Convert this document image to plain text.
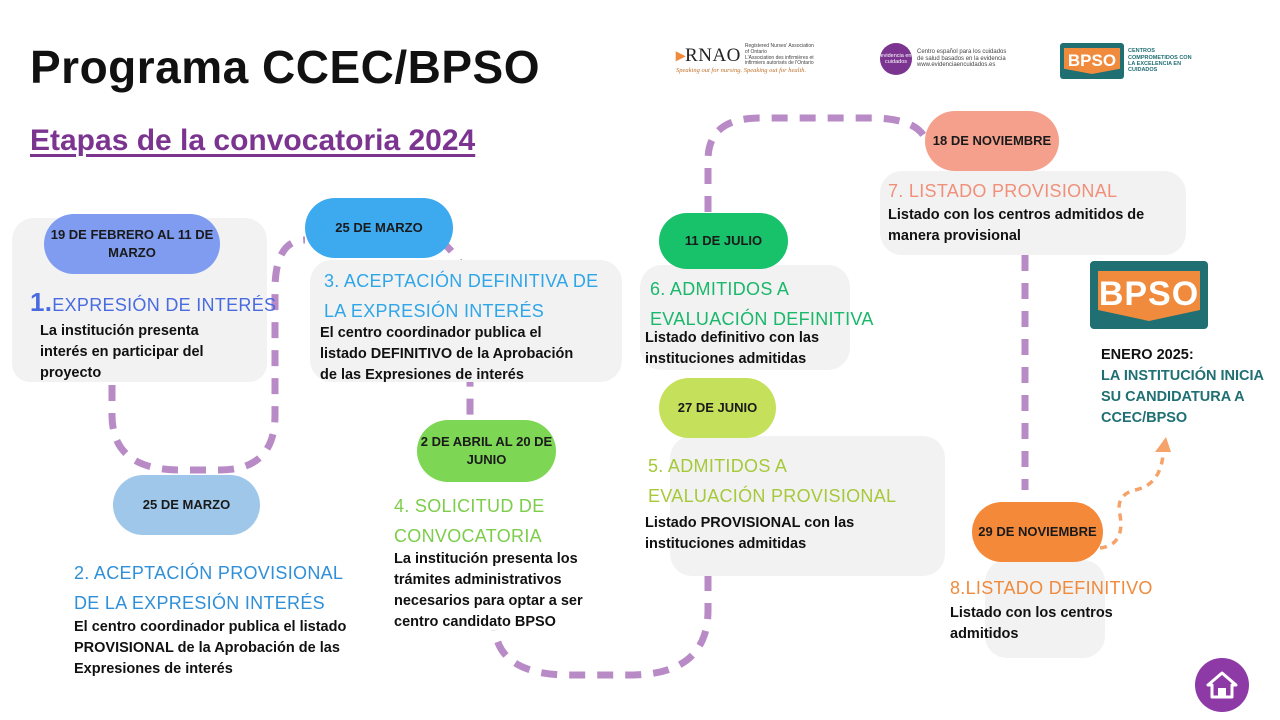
Programa CCEC/BPSO
Etapas de la convocatoria 2024
▸ RNAO Registered Nurses' Association of Ontario
L'Association des infirmières et infirmiers autorisés de l'Ontario
Speaking out for nursing. Speaking out for health.
evidencia en cuidados
Centro español para los cuidados
de salud basados en la evidencia
www.evidenciaencuidados.es	BPSO	CENTROS COMPROMETIDOS CON LA EXCELENCIA EN CUIDADOS
19 DE FEBRERO AL 11 DE MARZO
1.EXPRESIÓN DE INTERÉS
La institución presenta interés en participar del proyecto
25 DE MARZO
2. ACEPTACIÓN PROVISIONAL
DE LA EXPRESIÓN INTERÉS
El centro coordinador publica el listado PROVISIONAL de la Aprobación de las Expresiones de interés
25 DE MARZO
3. ACEPTACIÓN DEFINITIVA DE
LA EXPRESIÓN INTERÉS
El centro coordinador publica el listado DEFINITIVO de la Aprobación de las Expresiones de interés
2 DE ABRIL AL 20 DE JUNIO
4. SOLICITUD DE
CONVOCATORIA
La institución presenta los trámites administrativos necesarios para optar a ser centro candidato BPSO
27 DE JUNIO
5. ADMITIDOS A
EVALUACIÓN PROVISIONAL
Listado PROVISIONAL con las instituciones admitidas
11 DE JULIO
6. ADMITIDOS A
EVALUACIÓN DEFINITIVA
Listado definitivo con las instituciones admitidas
18 DE NOVIEMBRE
7. LISTADO PROVISIONAL
Listado con los centros admitidos de manera provisional
29 DE NOVIEMBRE
8.LISTADO DEFINITIVO
Listado con los centros admitidos
BPSO
ENERO 2025:
LA INSTITUCIÓN INICIA SU CANDIDATURA A CCEC/BPSO
